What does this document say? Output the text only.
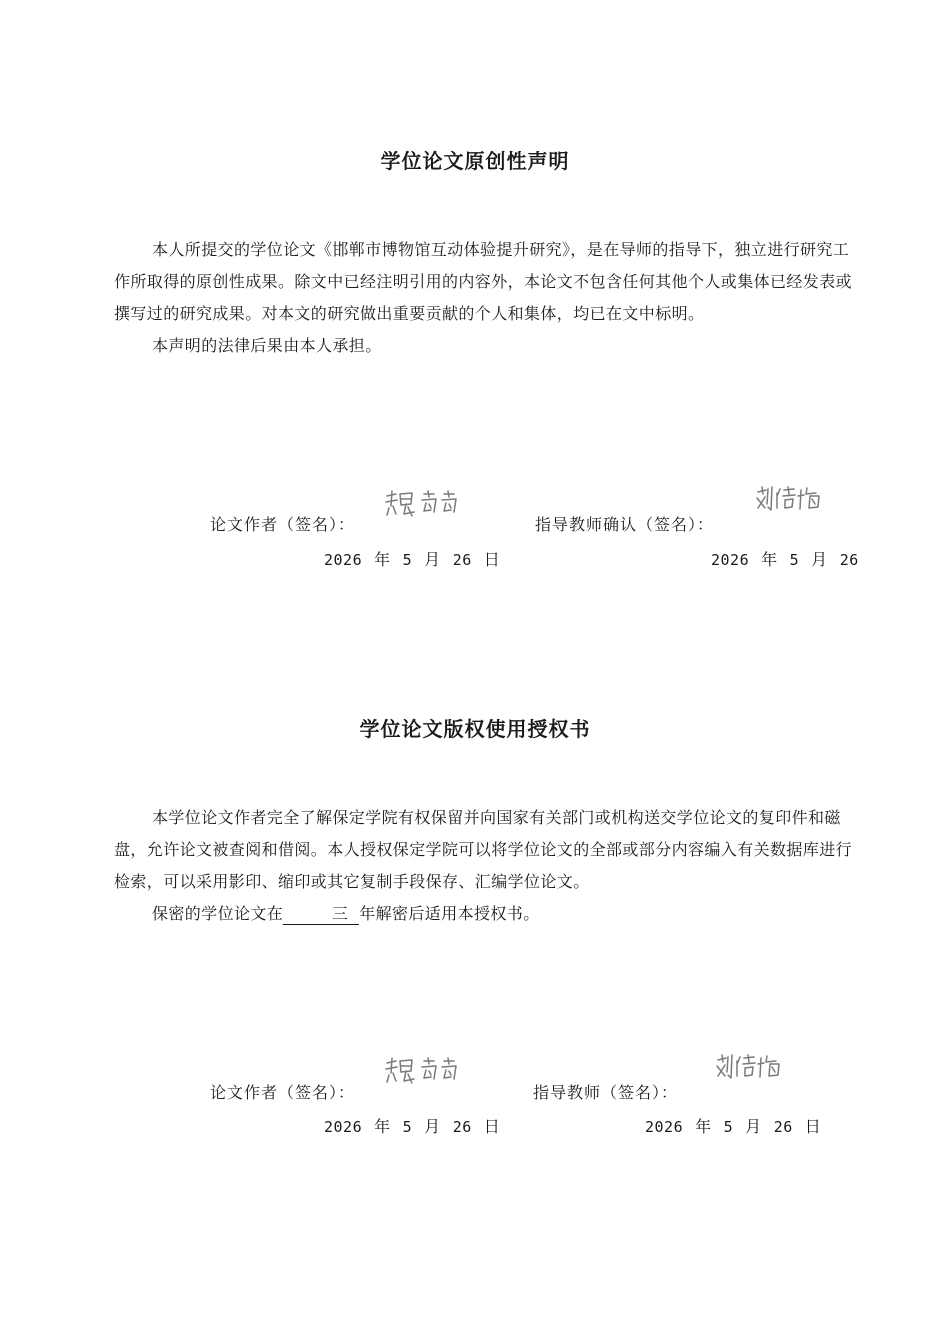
学位论文原创性声明

本人所提交的学位论文《邯郸市博物馆互动体验提升研究》，是在导师的指导下，独立进行研究工作所取得的原创性成果。除文中已经注明引用的内容外，本论文不包含任何其他个人或集体已经发表或撰写过的研究成果。对本文的研究做出重要贡献的个人和集体，均已在文中标明。

本声明的法律后果由本人承担。

论文作者（签名）：	指导教师确认（签名）：
2026 年 5 月 26 日	2026 年 5 月 26
学位论文版权使用授权书

本学位论文作者完全了解保定学院有权保留并向国家有关部门或机构送交学位论文的复印件和磁盘，允许论文被查阅和借阅。本人授权保定学院可以将学位论文的全部或部分内容编入有关数据库进行检索，可以采用影印、缩印或其它复制手段保存、汇编学位论文。

保密的学位论文在	三 年解密后适用本授权书。

论文作者（签名）：	指导教师（签名）：
2026 年 5 月 26 日	2026 年 5 月 26 日
